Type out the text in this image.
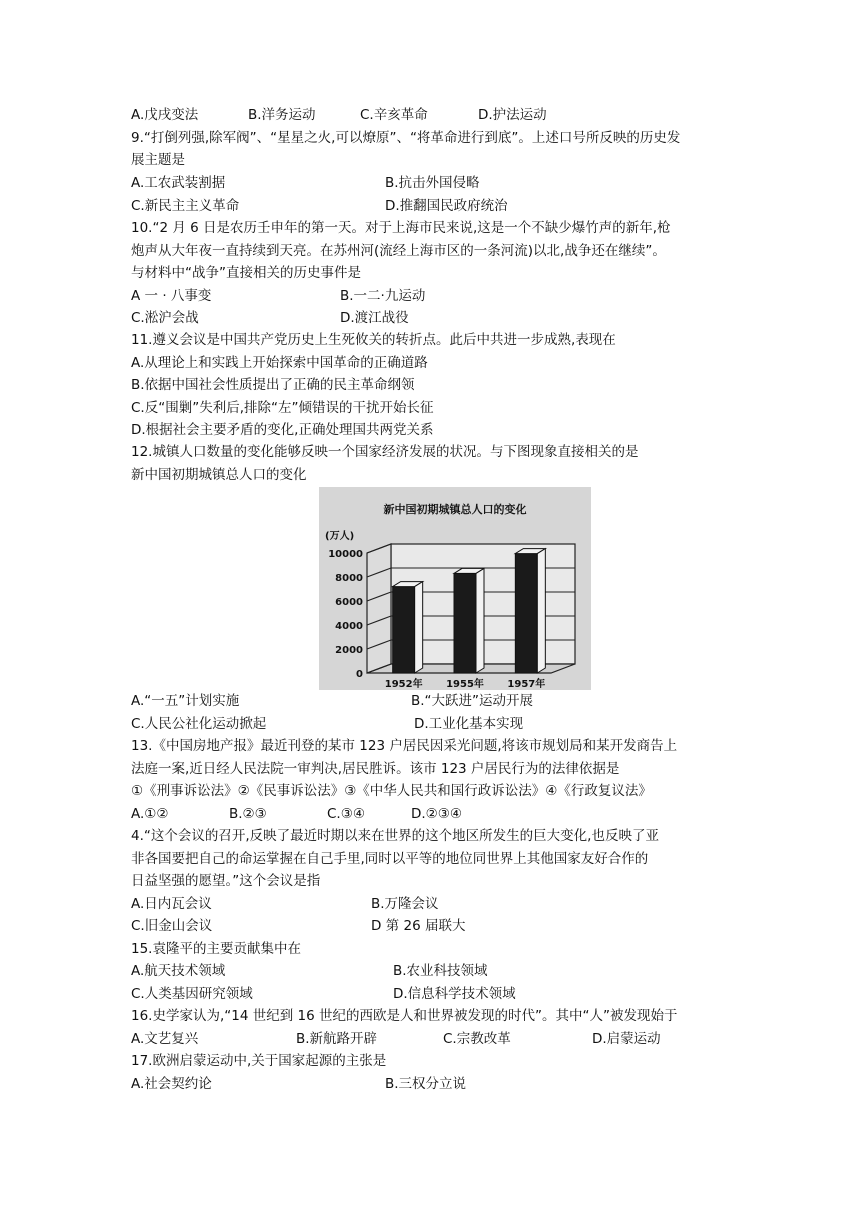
A.戊戌变法	B.洋务运动	C.辛亥革命	D.护法运动
9.“打倒列强,除军阀”、“星星之火,可以燎原”、“将革命进行到底”。上述口号所反映的历史发
展主题是
A.工农武装割据	B.抗击外国侵略
C.新民主主义革命	D.推翻国民政府统治
10.“2 月 6 日是农历壬申年的第一天。对于上海市民来说,这是一个不缺少爆竹声的新年,枪
炮声从大年夜一直持续到天亮。在苏州河(流经上海市区的一条河流)以北,战争还在继续”。
与材料中“战争”直接相关的历史事件是
A 一 · 八事变	B.一二·九运动
C.淞沪会战	D.渡江战役
11.遵义会议是中国共产党历史上生死攸关的转折点。此后中共进一步成熟,表现在
A.从理论上和实践上开始探索中国革命的正确道路
B.依据中国社会性质提出了正确的民主革命纲领
C.反“围剿”失利后,排除“左”倾错误的干扰开始长征
D.根据社会主要矛盾的变化,正确处理国共两党关系
12.城镇人口数量的变化能够反映一个国家经济发展的状况。与下图现象直接相关的是
新中国初期城镇总人口的变化
新中国初期城镇总人口的变化
(万人)
0
2000
4000
6000
8000
10000
1952年 1955年 1957年
A.“一五”计划实施	B.“大跃进”运动开展
C.人民公社化运动掀起	D.工业化基本实现
13.《中国房地产报》最近刊登的某市 123 户居民因采光问题,将该市规划局和某开发商告上
法庭一案,近日经人民法院一审判决,居民胜诉。该市 123 户居民行为的法律依据是
①《刑事诉讼法》②《民事诉讼法》③《中华人民共和国行政诉讼法》④《行政复议法》
A.①②	B.②③	C.③④	D.②③④
4.“这个会议的召开,反映了最近时期以来在世界的这个地区所发生的巨大变化,也反映了亚
非各国要把自己的命运掌握在自己手里,同时以平等的地位同世界上其他国家友好合作的
日益坚强的愿望。”这个会议是指
A.日内瓦会议	B.万隆会议
C.旧金山会议	D 第 26 届联大
15.袁隆平的主要贡献集中在
A.航天技术领域	B.农业科技领域
C.人类基因研究领域	D.信息科学技术领域
16.史学家认为,“14 世纪到 16 世纪的西欧是人和世界被发现的时代”。其中“人”被发现始于
A.文艺复兴	B.新航路开辟	C.宗教改革	D.启蒙运动
17.欧洲启蒙运动中,关于国家起源的主张是
A.社会契约论	B.三权分立说
